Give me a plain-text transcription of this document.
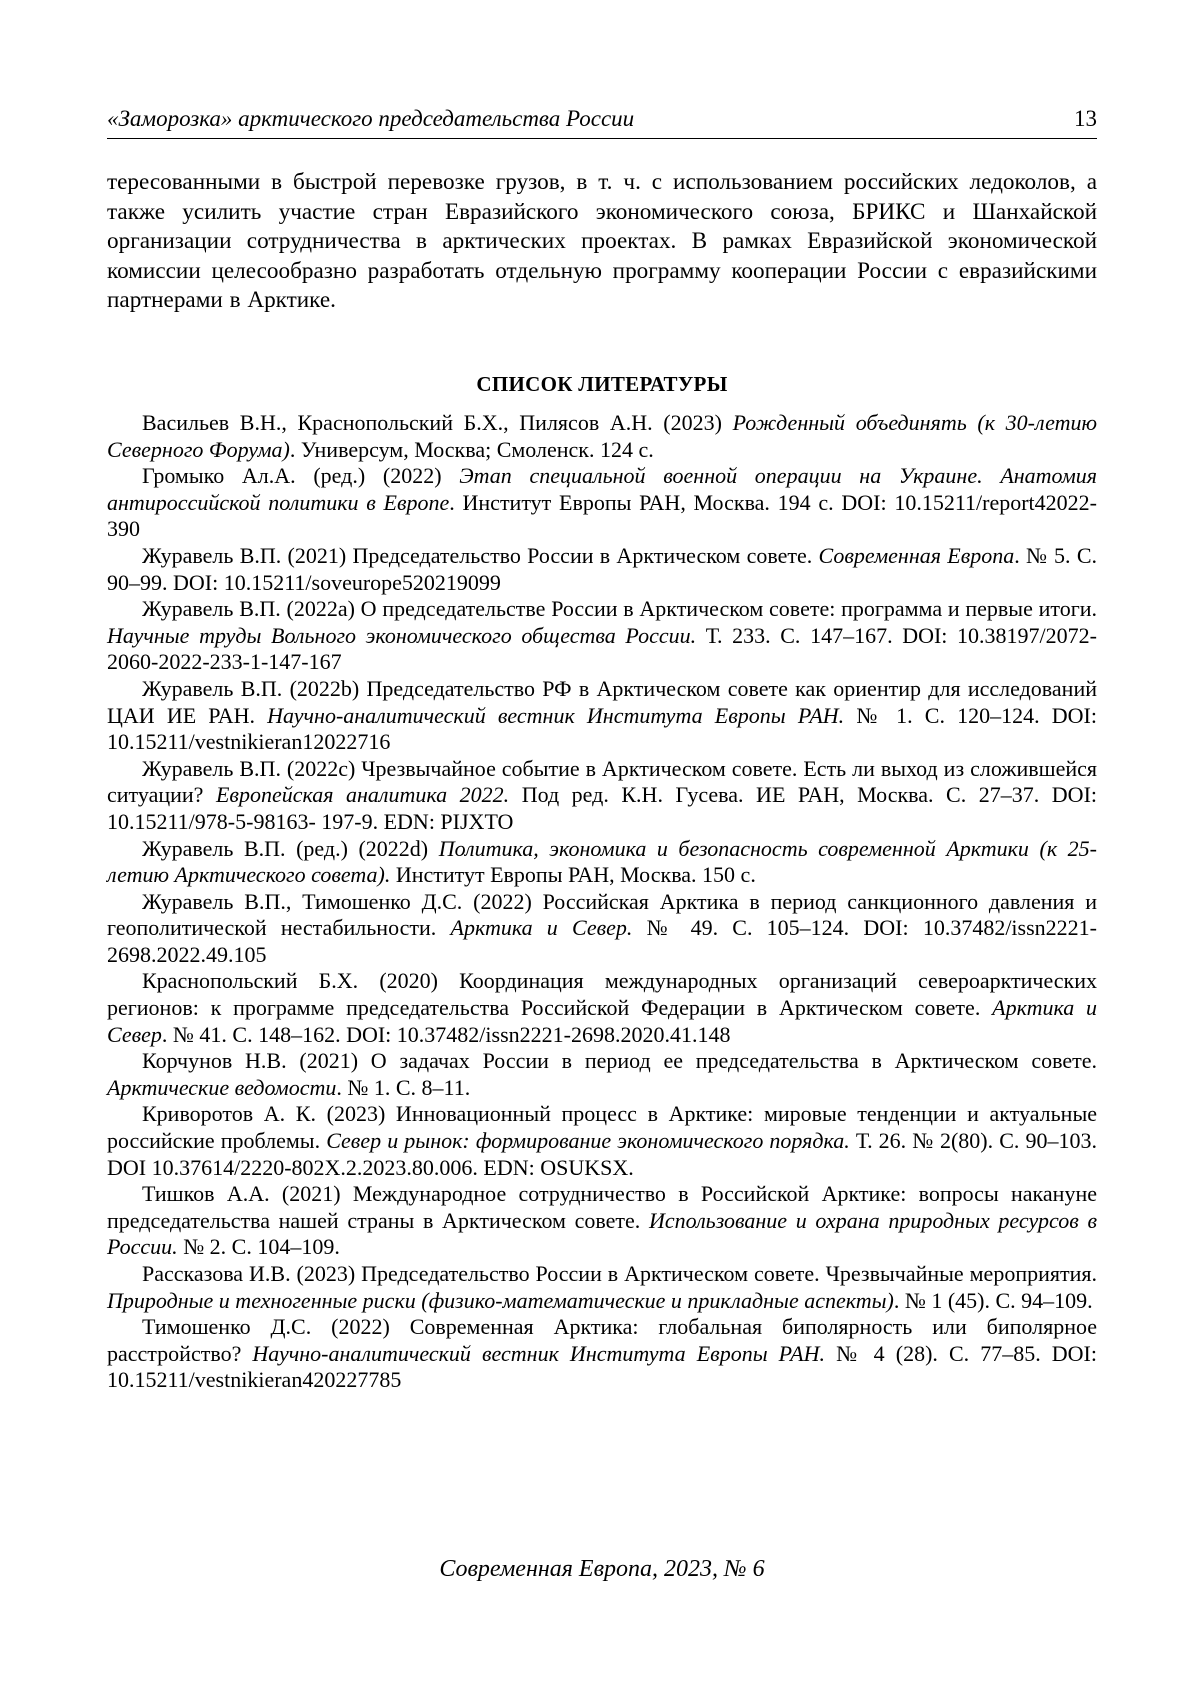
«Заморозка» арктического председательства России	13

тересованными в быстрой перевозке грузов, в т. ч. с использованием российских ледоколов, а также усилить участие стран Евразийского экономического союза, БРИКС и Шанхайской организации сотрудничества в арктических проектах. В рамках Евразийской экономической комиссии целесообразно разработать отдельную программу кооперации России с евразийскими партнерами в Арктике.

СПИСОК ЛИТЕРАТУРЫ

Васильев В.Н., Краснопольский Б.Х., Пилясов А.Н. (2023) Рожденный объединять (к 30-летию Северного Форума). Универсум, Москва; Смоленск. 124 с.

Громыко Ал.А. (ред.) (2022) Этап специальной военной операции на Украине. Анатомия антироссийской политики в Европе. Институт Европы РАН, Москва. 194 с. DOI: 10.15211/report42022-390

Журавель В.П. (2021) Председательство России в Арктическом совете. Современная Европа. № 5. С. 90–99. DOI: 10.15211/soveurope520219099

Журавель В.П. (2022a) О председательстве России в Арктическом совете: программа и первые итоги. Научные труды Вольного экономического общества России. Т. 233. С. 147–167. DOI: 10.38197/2072-2060-2022-233-1-147-167

Журавель В.П. (2022b) Председательство РФ в Арктическом совете как ориентир для исследований ЦАИ ИЕ РАН. Научно-аналитический вестник Института Европы РАН. № 1. С. 120–124. DOI: 10.15211/vestnikieran12022716

Журавель В.П. (2022c) Чрезвычайное событие в Арктическом совете. Есть ли выход из сложившейся ситуации? Европейская аналитика 2022. Под ред. К.Н. Гусева. ИЕ РАН, Москва. С. 27–37. DOI: 10.15211/978-5-98163- 197-9. EDN: PIJXTO

Журавель В.П. (ред.) (2022d) Политика, экономика и безопасность современной Арктики (к 25-летию Арктического совета). Институт Европы РАН, Москва. 150 с.

Журавель В.П., Тимошенко Д.С. (2022) Российская Арктика в период санкционного давления и геополитической нестабильности. Арктика и Север. № 49. С. 105–124. DOI: 10.37482/issn2221- 2698.2022.49.105

Краснопольский Б.Х. (2020) Координация международных организаций североарктических регионов: к программе председательства Российской Федерации в Арктическом совете. Арктика и Север. № 41. С. 148–162. DOI: 10.37482/issn2221-2698.2020.41.148

Корчунов Н.В. (2021) О задачах России в период ее председательства в Арктическом совете. Арктические ведомости. № 1. С. 8–11.

Криворотов А. К. (2023) Инновационный процесс в Арктике: мировые тенденции и актуальные российские проблемы. Север и рынок: формирование экономического порядка. Т. 26. № 2(80). С. 90–103. DOI 10.37614/2220-802X.2.2023.80.006. EDN: OSUKSX.

Тишков А.А. (2021) Международное сотрудничество в Российской Арктике: вопросы накануне председательства нашей страны в Арктическом совете. Использование и охрана природных ресурсов в России. № 2. С. 104–109.

Рассказова И.В. (2023) Председательство России в Арктическом совете. Чрезвычайные мероприятия. Природные и техногенные риски (физико-математические и прикладные аспекты). № 1 (45). С. 94–109.

Тимошенко Д.С. (2022) Современная Арктика: глобальная биполярность или биполярное расстройство? Научно-аналитический вестник Института Европы РАН. № 4 (28). С. 77–85. DOI: 10.15211/vestnikieran420227785

Современная Европа, 2023, № 6
